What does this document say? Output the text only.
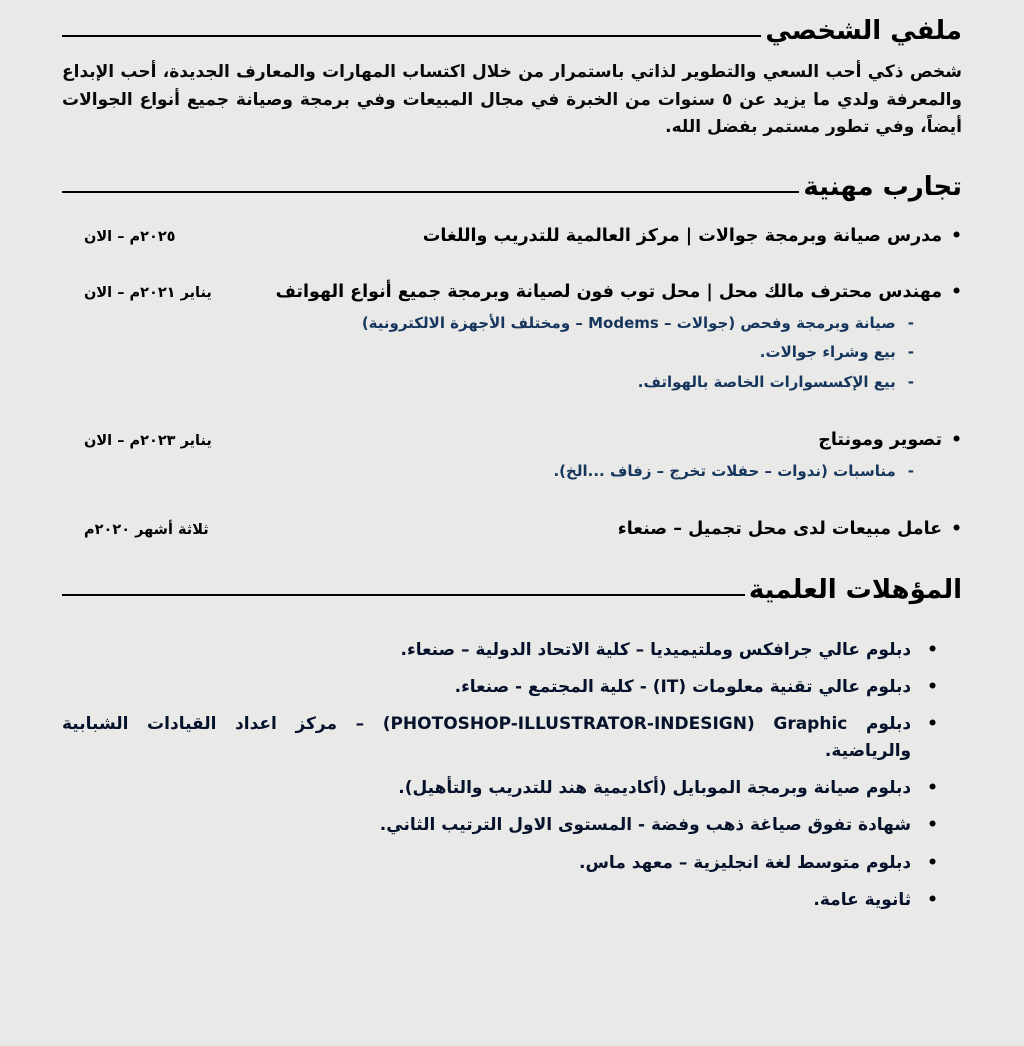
ملفي الشخصي

شخص ذكي أحب السعي والتطوير لذاتي باستمرار من خلال اكتساب المهارات والمعارف الجديدة، أحب الإبداع والمعرفة ولدي ما يزيد عن ٥ سنوات من الخبرة في مجال المبيعات وفي برمجة وصيانة جميع أنواع الجوالات أيضاً، وفي تطور مستمر بفضل الله.

تجارب مهنية
•
مدرس صيانة وبرمجة جوالات | مركز العالمية للتدريب واللغات
٢٠٢٥م – الان
•
مهندس محترف مالك محل | محل توب فون لصيانة وبرمجة جميع أنواع الهواتف
يناير ٢٠٢١م – الان
-
صيانة وبرمجة وفحص (جوالات – Modems – ومختلف الأجهزة الالكترونية)
-
بيع وشراء جوالات.
-
بيع الإكسسوارات الخاصة بالهواتف.
•
تصوير ومونتاج
يناير ٢٠٢٣م – الان
-
مناسبات (ندوات – حفلات تخرج – زفاف ...الخ).
•
عامل مبيعات لدى محل تجميل – صنعاء
ثلاثة أشهر ٢٠٢٠م
المؤهلات العلمية
•
دبلوم عالي جرافكس وملتيميديا – كلية الاتحاد الدولية – صنعاء.
•
دبلوم عالي تقنية معلومات (IT) - كلية المجتمع - صنعاء.
•
دبلوم Graphic ‏(PHOTOSHOP-ILLUSTRATOR-INDESIGN) – مركز اعداد القيادات الشبابية والرياضية.
•
دبلوم صيانة وبرمجة الموبايل (أكاديمية هند للتدريب والتأهيل).
•
شهادة تفوق صياغة ذهب وفضة - المستوى الاول الترتيب الثاني.
•
دبلوم متوسط لغة انجليزية – معهد ماس.
•
ثانوية عامة.
